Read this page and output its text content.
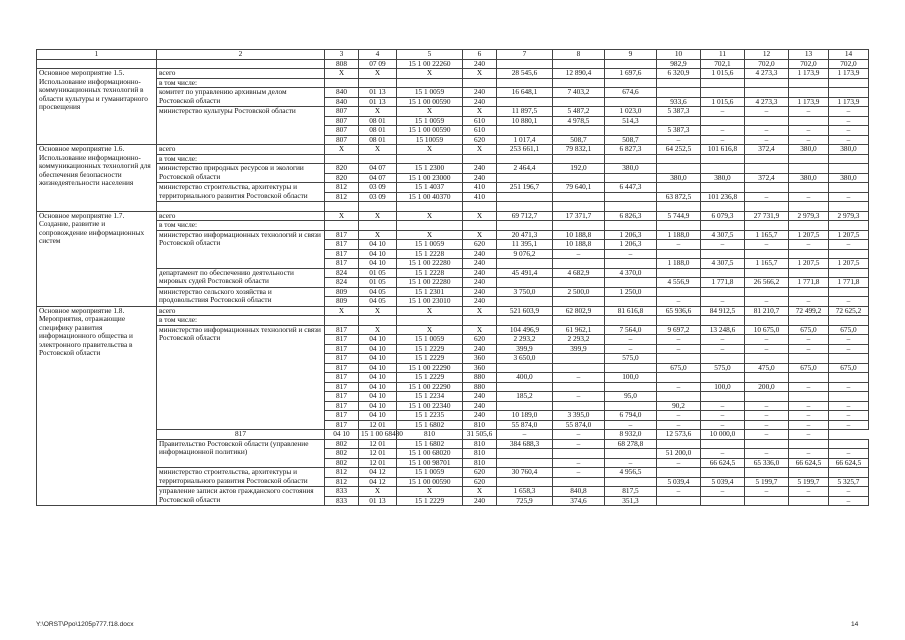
1	2	3	4	5	6	7	8	9	10	11	12	13	14
		808	07 09	15 1 00 22260	240				982,9	702,1	702,0	702,0	702,0
Основное мероприятие 1.5. Использование информационно-коммуникационных технологий в области культуры и гуманитарного просвещения	всего	X	X	X	X	28 545,6	12 890,4	1 697,6	6 320,9	1 015,6	4 273,3	1 173,9	1 173,9
	в том числе:												
	комитет по управлению архивным делом Ростовской области	840	01 13	15 1 0059	240	16 648,1	7 403,2	674,6					
		840	01 13	15 1 00 00590	240				933,6	1 015,6	4 273,3	1 173,9	1 173,9
	министерство культуры Ростовской области	807	X	X	X	11 897,5	5 487,2	1 023,0	5 387,3	–	–	–	–
		807	08 01	15 1 0059	610	10 880,1	4 978,5	514,3					–
		807	08 01	15 1 00 00590	610				5 387,3	–	–	–	–
		807	08 01	15 10059	620	1 017,4	508,7	508,7	–	–	–	–	–
Основное мероприятие 1.6. Использование информационно-коммуникационных технологий для обеспечения безопасности жизнедеятельности населения	всего	X	X	X	X	253 661,1	79 832,1	6 827,3	64 252,5	101 616,8	372,4	380,0	380,0
	в том числе:												
	министерство природных ресурсов и экологии Ростовской области	820	04 07	15 1 2300	240	2 464,4	192,0	380,0					
		820	04 07	15 1 00 23000	240				380,0	380,0	372,4	380,0	380,0
	министерство строительства, архитектуры и территориального развития Ростовской области	812	03 09	15 1 4037	410	251 196,7	79 640,1	6 447,3					
		812	03 09	15 1 00 40370	410				63 872,5	101 236,8	–	–	–

Основное мероприятие 1.7. Создание, развитие и сопровождение информационных систем	всего	X	X	X	X	69 712,7	17 371,7	6 826,3	5 744,9	6 079,3	27 731,9	2 979,3	2 979,3
	в том числе:												
	министерство информационных технологий и связи Ростовской области	817	X	X	X	20 471,3	10 188,8	1 206,3	1 188,0	4 307,5	1 165,7	1 207,5	1 207,5
		817	04 10	15 1 0059	620	11 395,1	10 188,8	1 206,3	–	–	–	–	–
		817	04 10	15 1 2228	240	9 076,2	–	–					
		817	04 10	15 1 00 22280	240				1 188,0	4 307,5	1 165,7	1 207,5	1 207,5
	департамент по обеспечению деятельности мировых судей Ростовской области	824	01 05	15 1 2228	240	45 491,4	4 682,9	4 370,0					
		824	01 05	15 1 00 22280	240				4 556,9	1 771,8	26 566,2	1 771,8	1 771,8
	министерство сельского хозяйства и продовольствия Ростовской области	809	04 05	15 1 2301	240	3 750,0	2 500,0	1 250,0					
		809	04 05	15 1 00 23010	240				–	–	–	–	–
Основное мероприятие 1.8. Мероприятия, отражающие специфику развития информационного общества и электронного правительства в Ростовской области	всего	X	X	X	X	521 603,9	62 802,9	81 616,8	65 936,6	84 912,5	81 210,7	72 499,2	72 625,2
	в том числе:												
	министерство информационных технологий и связи Ростовской области	817	X	X	X	104 496,9	61 962,1	7 564,0	9 697,2	13 248,6	10 675,0	675,0	675,0
		817	04 10	15 1 0059	620	2 293,2	2 293,2	–	–	–	–	–	–
		817	04 10	15 1 2229	240	399,9	399,9	–	–	–	–	–	–
		817	04 10	15 1 2229	360	3 650,0		575,0					
		817	04 10	15 1 00 22290	360				675,0	575,0	475,0	675,0	675,0
		817	04 10	15 1 2229	880	400,0	–	100,0					
		817	04 10	15 1 00 22290	880				–	100,0	200,0	–	–
		817	04 10	15 1 2234	240	185,2	–	95,0					
		817	04 10	15 1 00 22340	240				90,2	–	–	–	–
		817	04 10	15 1 2235	240	10 189,0	3 395,0	6 794,0	–	–	–	–	–
		817	12 01	15 1 6802	810	55 874,0	55 874,0	–	–	–	–	–	–
	817	04 10	15 1 00 68480	810	31 505,6	–	–	8 932,0	12 573,6	10 000,0	–	–	
	Правительство Ростовской области (управление информационной политики)	802	12 01	15 1 6802	810	384 688,3	–	68 278,8					
		802	12 01	15 1 00 68020	810				51 200,0	–	–	–	–
		802	12 01	15 1 00 98701	810		–	–	–	66 624,5	65 336,0	66 624,5	66 624,5
	министерство строительства, архитектуры и территориального развития Ростовской области	812	04 12	15 1 0059	620	30 760,4	–	4 956,5					
		812	04 12	15 1 00 00590	620				5 039,4	5 039,4	5 199,7	5 199,7	5 325,7
	управление записи актов гражданского состояния Ростовской области	833	X	X	X	1 658,3	840,8	817,5	–	–	–	–	–
		833	01 13	15 1 2229	240	725,9	374,6	351,3					–
Y:\ORST\Ppo\1205p777.f18.docx	14
